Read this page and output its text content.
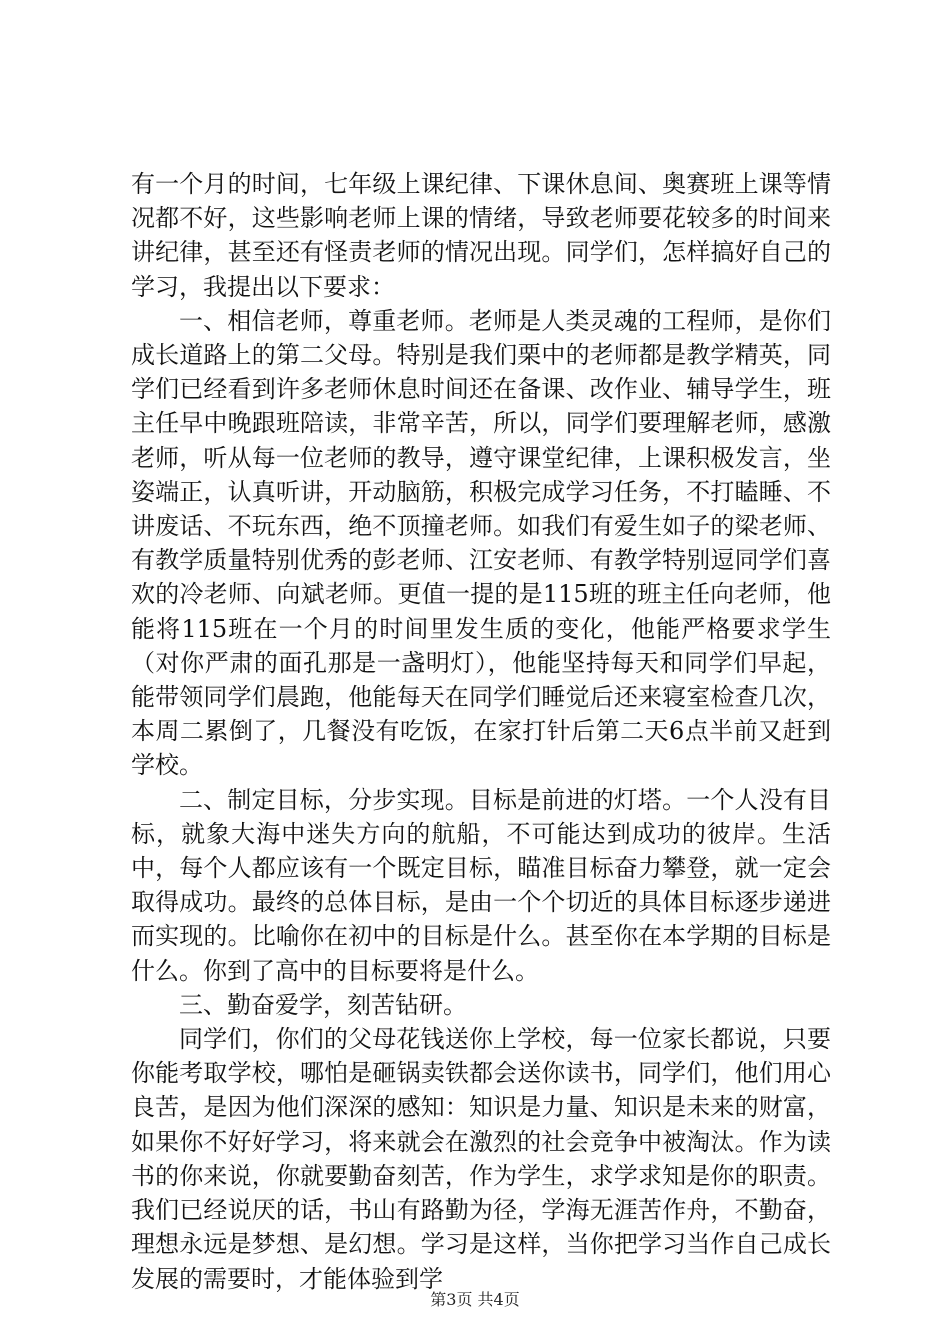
有一个月的时间，七年级上课纪律、下课休息间、奥赛班上课等情况都不好，这些影响老师上课的情绪，导致老师要花较多的时间来讲纪律，甚至还有怪责老师的情况出现。同学们，怎样搞好自己的学习，我提出以下要求：

一、相信老师，尊重老师。老师是人类灵魂的工程师，是你们成长道路上的第二父母。特别是我们栗中的老师都是教学精英，同学们已经看到许多老师休息时间还在备课、改作业、辅导学生，班主任早中晚跟班陪读，非常辛苦，所以，同学们要理解老师，感激老师，听从每一位老师的教导，遵守课堂纪律，上课积极发言，坐姿端正，认真听讲，开动脑筋，积极完成学习任务，不打瞌睡、不讲废话、不玩东西，绝不顶撞老师。如我们有爱生如子的梁老师、有教学质量特别优秀的彭老师、江安老师、有教学特别逗同学们喜欢的冷老师、向斌老师。更值一提的是115班的班主任向老师，他能将115班在一个月的时间里发生质的变化，他能严格要求学生（对你严肃的面孔那是一盏明灯），他能坚持每天和同学们早起，能带领同学们晨跑，他能每天在同学们睡觉后还来寝室检查几次，本周二累倒了，几餐没有吃饭，在家打针后第二天6点半前又赶到学校。

二、制定目标，分步实现。目标是前进的灯塔。一个人没有目标，就象大海中迷失方向的航船，不可能达到成功的彼岸。生活中，每个人都应该有一个既定目标，瞄准目标奋力攀登，就一定会取得成功。最终的总体目标，是由一个个切近的具体目标逐步递进而实现的。比喻你在初中的目标是什么。甚至你在本学期的目标是什么。你到了高中的目标要将是什么。

三、勤奋爱学，刻苦钻研。

同学们，你们的父母花钱送你上学校，每一位家长都说，只要你能考取学校，哪怕是砸锅卖铁都会送你读书，同学们，他们用心良苦，是因为他们深深的感知：知识是力量、知识是未来的财富，如果你不好好学习，将来就会在激烈的社会竞争中被淘汰。作为读书的你来说，你就要勤奋刻苦，作为学生，求学求知是你的职责。我们已经说厌的话，书山有路勤为径，学海无涯苦作舟，不勤奋，理想永远是梦想、是幻想。学习是这样，当你把学习当作自己成长发展的需要时，才能体验到学

第3页 共4页
